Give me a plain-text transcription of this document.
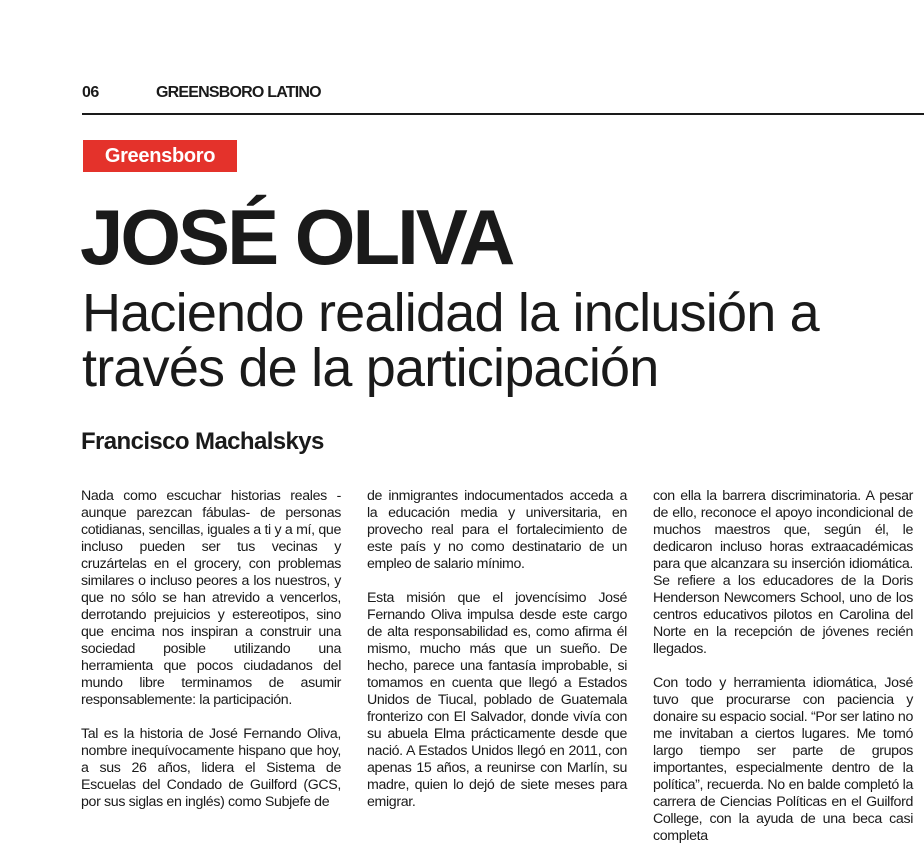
06	GREENSBORO LATINO
Greensboro
JOSÉ OLIVA
Haciendo realidad la inclusión a través de la participación
Francisco Machalskys

Nada como escuchar historias reales -aunque parezcan fábulas- de personas cotidianas, sencillas, iguales a ti y a mí, que incluso pueden ser tus vecinas y cruzártelas en el grocery, con problemas similares o incluso peores a los nuestros, y que no sólo se han atrevido a vencerlos, derrotando prejuicios y estereotipos, sino que encima nos inspiran a construir una sociedad posible utilizando una herramienta que pocos ciudadanos del mundo libre terminamos de asumir responsablemente: la participación.

Tal es la historia de José Fernando Oliva, nombre inequívocamente hispano que hoy, a sus 26 años, lidera el Sistema de Escuelas del Condado de Guilford (GCS, por sus siglas en inglés) como Subjefe de

de inmigrantes indocumentados acceda a la educación media y universitaria, en provecho real para el fortalecimiento de este país y no como destinatario de un empleo de salario mínimo.

Esta misión que el jovencísimo José Fernando Oliva impulsa desde este cargo de alta responsabilidad es, como afirma él mismo, mucho más que un sueño. De hecho, parece una fantasía improbable, si tomamos en cuenta que llegó a Estados Unidos de Tiucal, poblado de Guatemala fronterizo con El Salvador, donde vivía con su abuela Elma prácticamente desde que nació. A Estados Unidos llegó en 2011, con apenas 15 años, a reunirse con Marlín, su madre, quien lo dejó de siete meses para emigrar.

con ella la barrera discriminatoria. A pesar de ello, reconoce el apoyo incondicional de muchos maestros que, según él, le dedicaron incluso horas extraacadémicas para que alcanzara su inserción idiomática. Se refiere a los educadores de la Doris Henderson Newcomers School, uno de los centros educativos pilotos en Carolina del Norte en la recepción de jóvenes recién llegados.

Con todo y herramienta idiomática, José tuvo que procurarse con paciencia y donaire su espacio social. “Por ser latino no me invitaban a ciertos lugares. Me tomó largo tiempo ser parte de grupos importantes, especialmente dentro de la política”, recuerda. No en balde completó la carrera de Ciencias Políticas en el Guilford College, con la ayuda de una beca casi completa
